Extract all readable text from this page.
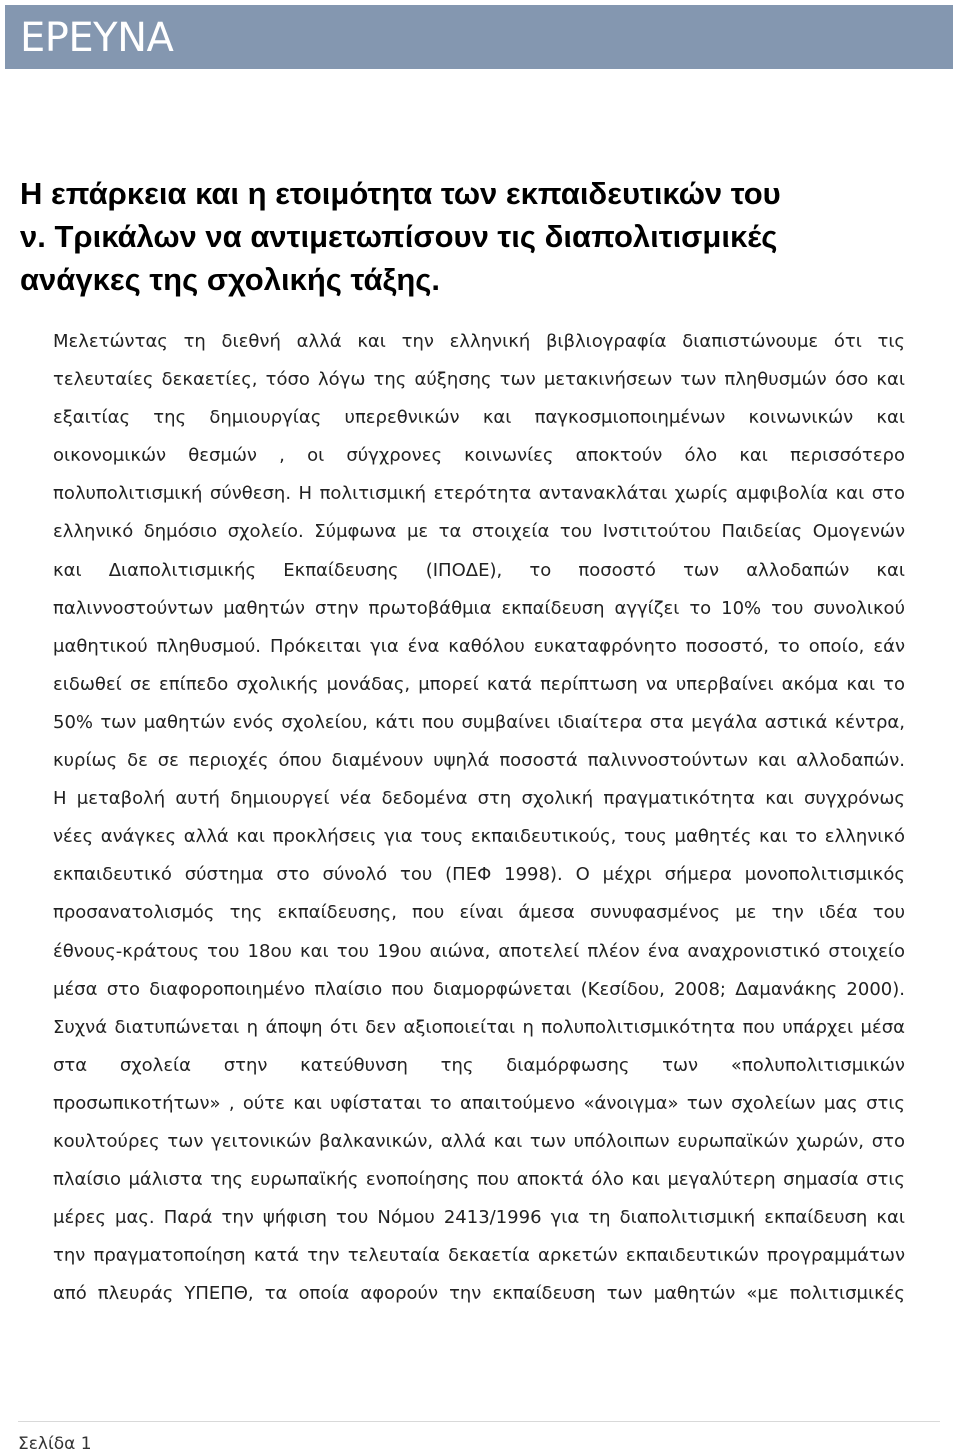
ΕΡΕΥΝΑ
Η επάρκεια και η ετοιμότητα των εκπαιδευτικών του
ν. Τρικάλων να αντιμετωπίσουν τις διαπολιτισμικές
ανάγκες της σχολικής τάξης.
Μελετώντας τη διεθνή αλλά και την ελληνική βιβλιογραφία διαπιστώνουμε ότι τις
τελευταίες δεκαετίες, τόσο λόγω της αύξησης των μετακινήσεων των πληθυσμών όσο και
εξαιτίας της δημιουργίας υπερεθνικών και παγκοσμιοποιημένων κοινωνικών και
οικονομικών θεσμών , οι σύγχρονες κοινωνίες αποκτούν όλο και περισσότερο
πολυπολιτισμική σύνθεση. Η πολιτισμική ετερότητα αντανακλάται χωρίς αμφιβολία και στο
ελληνικό δημόσιο σχολείο. Σύμφωνα με τα στοιχεία του Ινστιτούτου Παιδείας Ομογενών
και Διαπολιτισμικής Εκπαίδευσης (ΙΠΟΔΕ), το ποσοστό των αλλοδαπών και
παλιννοστούντων μαθητών στην πρωτοβάθμια εκπαίδευση αγγίζει το 10% του συνολικού
μαθητικού πληθυσμού. Πρόκειται για ένα καθόλου ευκαταφρόνητο ποσοστό, το οποίο, εάν
ειδωθεί σε επίπεδο σχολικής μονάδας, μπορεί κατά περίπτωση να υπερβαίνει ακόμα και το
50% των μαθητών ενός σχολείου, κάτι που συμβαίνει ιδιαίτερα στα μεγάλα αστικά κέντρα,
κυρίως δε σε περιοχές όπου διαμένουν υψηλά ποσοστά παλιννοστούντων και αλλοδαπών.
Η μεταβολή αυτή δημιουργεί νέα δεδομένα στη σχολική πραγματικότητα και συγχρόνως
νέες ανάγκες αλλά και προκλήσεις για τους εκπαιδευτικούς, τους μαθητές και το ελληνικό
εκπαιδευτικό σύστημα στο σύνολό του (ΠΕΦ 1998). Ο μέχρι σήμερα μονοπολιτισμικός
προσανατολισμός της εκπαίδευσης, που είναι άμεσα συνυφασμένος με την ιδέα του
έθνους-κράτους του 18ου και του 19ου αιώνα, αποτελεί πλέον ένα αναχρονιστικό στοιχείο
μέσα στο διαφοροποιημένο πλαίσιο που διαμορφώνεται (Κεσίδου, 2008; Δαμανάκης 2000).
Συχνά διατυπώνεται η άποψη ότι δεν αξιοποιείται η πολυπολιτισμικότητα που υπάρχει μέσα
στα σχολεία στην κατεύθυνση της διαμόρφωσης των «πολυπολιτισμικών
προσωπικοτήτων» , ούτε και υφίσταται το απαιτούμενο «άνοιγμα» των σχολείων μας στις
κουλτούρες των γειτονικών βαλκανικών, αλλά και των υπόλοιπων ευρωπαϊκών χωρών, στο
πλαίσιο μάλιστα της ευρωπαϊκής ενοποίησης που αποκτά όλο και μεγαλύτερη σημασία στις
μέρες μας. Παρά την ψήφιση του Νόμου 2413/1996 για τη διαπολιτισμική εκπαίδευση και
την πραγματοποίηση κατά την τελευταία δεκαετία αρκετών εκπαιδευτικών προγραμμάτων
από πλευράς ΥΠΕΠΘ, τα οποία αφορούν την εκπαίδευση των μαθητών «με πολιτισμικές
Σελίδα 1
